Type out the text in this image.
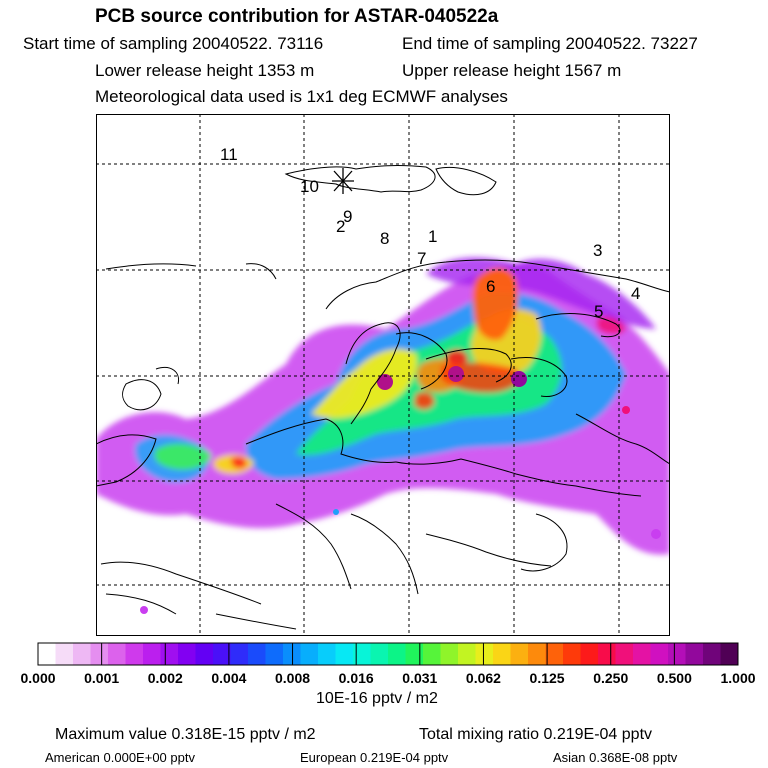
PCB source contribution for ASTAR-040522a
Start time of sampling 20040522. 73116	End time of sampling 20040522. 73227
Lower release height 1353 m	Upper release height 1567 m
Meteorological data used is 1x1 deg ECMWF analyses
1
2
3
4
5
6
7
8
9
10
11
0.000 0.001 0.002 0.004 0.008 0.016 0.031 0.062 0.125 0.250 0.500 1.000
10E-16 pptv / m2
Maximum value 0.318E-15 pptv / m2	Total mixing ratio 0.219E-04 pptv
American 0.000E+00 pptv	European 0.219E-04 pptv	Asian 0.368E-08 pptv
